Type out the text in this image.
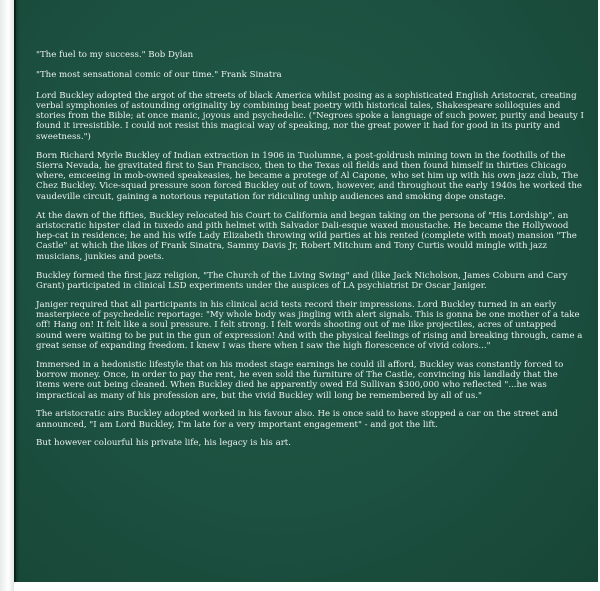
"The fuel to my success." Bob Dylan

"The most sensational comic of our time." Frank Sinatra

Lord Buckley adopted the argot of the streets of black America whilst posing as a sophisticated English Aristocrat, creating verbal symphonies of astounding originality by combining beat poetry with historical tales, Shakespeare soliloquies and stories from the Bible; at once manic, joyous and psychedelic. ("Negroes spoke a language of such power, purity and beauty I found it irresistible. I could not resist this magical way of speaking, nor the great power it had for good in its purity and sweetness.")

Born Richard Myrle Buckley of Indian extraction in 1906 in Tuolumne, a post-goldrush mining town in the foothills of the Sierra Nevada, he gravitated first to San Francisco, then to the Texas oil fields and then found himself in thirties Chicago where, emceeing in mob-owned speakeasies, he became a protege of Al Capone, who set him up with his own jazz club, The Chez Buckley. Vice-squad pressure soon forced Buckley out of town, however, and throughout the early 1940s he worked the vaudeville circuit, gaining a notorious reputation for ridiculing unhip audiences and smoking dope onstage.

At the dawn of the fifties, Buckley relocated his Court to California and began taking on the persona of "His Lordship", an aristocratic hipster clad in tuxedo and pith helmet with Salvador Dali-esque waxed moustache. He became the Hollywood hep-cat in residence; he and his wife Lady Elizabeth throwing wild parties at his rented (complete with moat) mansion "The Castle" at which the likes of Frank Sinatra, Sammy Davis Jr, Robert Mitchum and Tony Curtis would mingle with jazz musicians, junkies and poets.

Buckley formed the first jazz religion, "The Church of the Living Swing" and (like Jack Nicholson, James Coburn and Cary Grant) participated in clinical LSD experiments under the auspices of LA psychiatrist Dr Oscar Janiger.

Janiger required that all participants in his clinical acid tests record their impressions. Lord Buckley turned in an early masterpiece of psychedelic reportage: "My whole body was jingling with alert signals. This is gonna be one mother of a take off! Hang on! It felt like a soul pressure. I felt strong. I felt words shooting out of me like projectiles, acres of untapped sound were waiting to be put in the gun of expression! And with the physical feelings of rising and breaking through, came a great sense of expanding freedom. I knew I was there when I saw the high florescence of vivid colors..."

Immersed in a hedonistic lifestyle that on his modest stage earnings he could ill afford, Buckley was constantly forced to borrow money. Once, in order to pay the rent, he even sold the furniture of The Castle, convincing his landlady that the items were out being cleaned. When Buckley died he apparently owed Ed Sullivan $300,000 who reflected "...he was impractical as many of his profession are, but the vivid Buckley will long be remembered by all of us."

The aristocratic airs Buckley adopted worked in his favour also. He is once said to have stopped a car on the street and announced, "I am Lord Buckley, I'm late for a very important engagement" - and got the lift.

But however colourful his private life, his legacy is his art.
